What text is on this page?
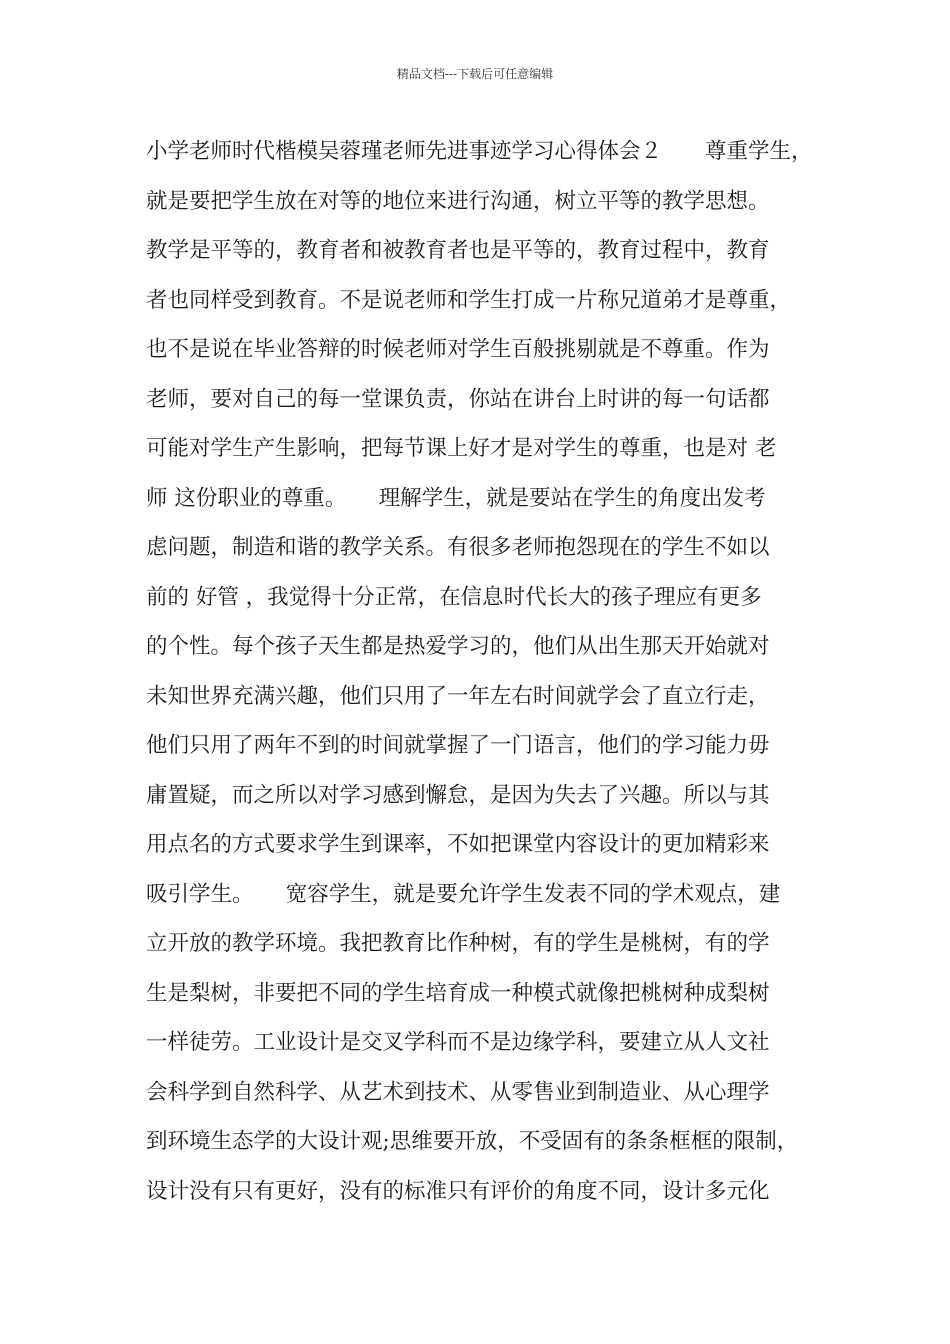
精品文档---下载后可任意编辑
小学老师时代楷模吴蓉瑾老师先进事迹学习心得体会２　　尊重学生，
就是要把学生放在对等的地位来进行沟通，树立平等的教学思想。
教学是平等的，教育者和被教育者也是平等的，教育过程中，教育
者也同样受到教育。不是说老师和学生打成一片称兄道弟才是尊重，
也不是说在毕业答辩的时候老师对学生百般挑剔就是不尊重。作为
老师，要对自己的每一堂课负责，你站在讲台上时讲的每一句话都
可能对学生产生影响，把每节课上好才是对学生的尊重，也是对 老
师 这份职业的尊重。　　理解学生，就是要站在学生的角度出发考
虑问题，制造和谐的教学关系。有很多老师抱怨现在的学生不如以
前的 好管 ，我觉得十分正常，在信息时代长大的孩子理应有更多
的个性。每个孩子天生都是热爱学习的，他们从出生那天开始就对
未知世界充满兴趣，他们只用了一年左右时间就学会了直立行走，
他们只用了两年不到的时间就掌握了一门语言，他们的学习能力毋
庸置疑，而之所以对学习感到懈怠，是因为失去了兴趣。所以与其
用点名的方式要求学生到课率，不如把课堂内容设计的更加精彩来
吸引学生。　　宽容学生，就是要允许学生发表不同的学术观点，建
立开放的教学环境。我把教育比作种树，有的学生是桃树，有的学
生是梨树，非要把不同的学生培育成一种模式就像把桃树种成梨树
一样徒劳。工业设计是交叉学科而不是边缘学科，要建立从人文社
会科学到自然科学、从艺术到技术、从零售业到制造业、从心理学
到环境生态学的大设计观;思维要开放，不受固有的条条框框的限制，
设计没有只有更好，没有的标准只有评价的角度不同，设计多元化
